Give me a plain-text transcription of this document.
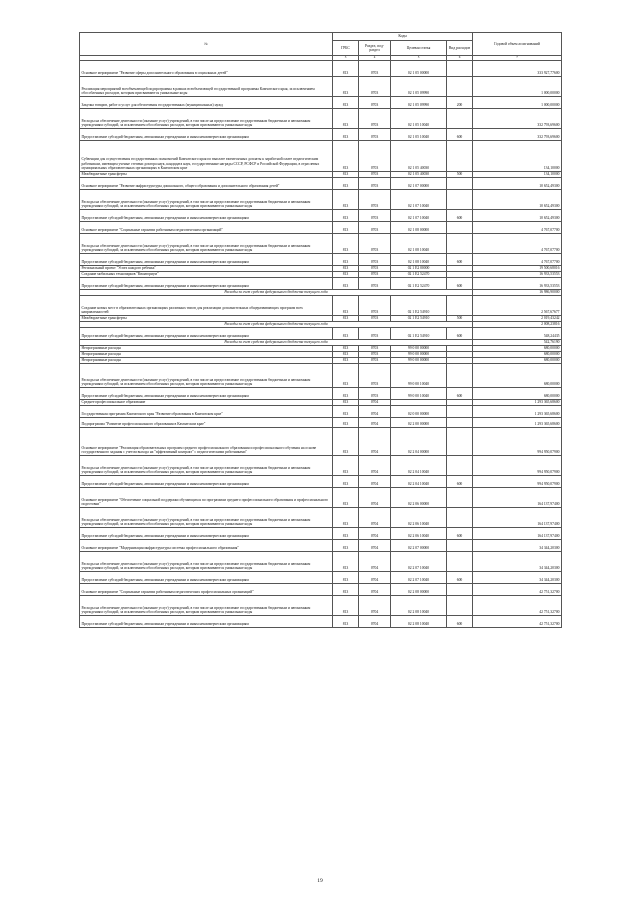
№	Коды				Годовой объем ассигнований
	ГРБС	Раздел, под-раздел	Целевая статья	Вид расходов	
	3	4	5	6	7
Основное мероприятие "Развитие сферы дополнительного образования в социальных детей"	813	0703	02 1 05 00000		333 927,77600
Реализация мероприятий всеобъемлющей подпрограммы в рамках всеобъемлющей государственной программы Камчатского края, за исключением обособленных расходов, которым присваиваются уникальные коды	813	0703	02 1 05 09990		1 000,00000
Закупка товаров, работ и услуг для обеспечения государственных (муниципальных) нужд	813	0703	02 1 05 09990	200	1 000,00000
Расходы на обеспечение деятельности (оказание услуг) учреждений, в том числе на предоставление государственным бюджетным и автономным учреждениям субсидий, за исключением обособленных расходов, которым присваиваются уникальные коды	813	0703	02 1 05 10040		332 793,69600
Предоставление субсидий бюджетным, автономным учреждениям и иным некоммерческим организациям	813	0703	02 1 05 10040	600	332 793,69600
Субвенции для осуществления государственных полномочий Камчатского края по выплате ежемесячных доплаты к заработной плате педагогическим работникам, имеющим ученые степени доктора наук, кандидата наук, государственные награды СССР, РСФСР и Российской Федерации, в отраслевых муниципальных образовательных организациях в Камчатском крае	813	0703	02 1 05 40030		134,10000
Межбюджетные трансферты	813	0703	02 1 05 40030	500	134,10000
Основное мероприятие "Развитие инфраструктуры дошкольного, общего образования и дополнительного образования детей"	813	0703	02 1 07 00000		10 652,49300
Расходы на обеспечение деятельности (оказание услуг) учреждений, в том числе на предоставление государственным бюджетным и автономным учреждениям субсидий, за исключением обособленных расходов, которым присваиваются уникальные коды	813	0703	02 1 07 10040		10 652,49300
Предоставление субсидий бюджетным, автономным учреждениям и иным некоммерческим организациям	813	0703	02 1 07 10040	600	10 652,49300
Основное мероприятие "Социальные гарантии работникам педагогическим организаций"	813	0703	02 1 08 00000		4 767,07700
Расходы на обеспечение деятельности (оказание услуг) учреждений, в том числе на предоставление государственным бюджетным и автономным учреждениям субсидий, за исключением обособленных расходов, которым присваиваются уникальные коды	813	0703	02 1 08 10040		4 767,07700
Предоставление субсидий бюджетным, автономным учреждениям и иным некоммерческим организациям	813	0703	02 1 08 10040	600	4 767,07700
Региональный проект "Успех каждого ребенка"	813	0703	02 1 E2 00000		19 500,68016
Создание мобильных технопарков "Кванториум"	813	0703	02 1 E2 52470		16 933,53553
Предоставление субсидий бюджетным, автономным учреждениям и иным некоммерческим организациям	813	0703	02 1 E2 52470	600	16 933,53553
Расходы за счет средств федерального бюджета текущего года					16 986,90000
Создание новых мест в образовательных организациях различных типов для реализации дополнительных общеразвивающих программ всех направленностей	813	0703	02 1 E2 54910		2 567,67677
Межбюджетные трансферты	813	0703	02 1 E2 54910	500	2 019,43242
Расходы за счет средств федерального бюджета текущего года					2 008,23816
Предоставление субсидий бюджетным, автономным учреждениям и иным некоммерческим организациям	813	0703	02 1 E2 54910	600	548,24435
Расходы за счет средств федерального бюджета текущего года					542,76190
Непрограммные расходы	813	0703	99 0 00 00000		680,00000
Непрограммные расходы	813	0703	99 0 00 00000		680,00000
Непрограммные расходы	813	0703	99 0 00 00000		680,00000
Расходы на обеспечение деятельности (оказание услуг) учреждений, в том числе на предоставление государственным бюджетным и автономным учреждениям субсидий, за исключением обособленных расходов, которым присваиваются уникальные коды	813	0703	99 0 00 10040		680,00000
Предоставление субсидий бюджетным, автономным учреждениям и иным некоммерческим организациям	813	0703	99 0 00 10040	600	680,00000
Среднее профессиональное образование	813	0704			1 293 365,68600
Государственная программа Камчатского края "Развитие образования в Камчатском крае"	813	0704	02 0 00 00000		1 293 365,68600
Подпрограмма "Развитие профессионального образования в Камчатском крае"	813	0704	02 2 00 00000		1 293 365,68600
Основное мероприятие "Реализация образовательных программ среднего профессионального образования и профессионального обучения на основе государственного задания с учетом выхода на "эффективный контракт" с педагогическими работниками"	813	0704	02 2 04 00000		994 950,07900
Расходы на обеспечение деятельности (оказание услуг) учреждений, в том числе на предоставление государственным бюджетным и автономным учреждениям субсидий, за исключением обособленных расходов, которым присваиваются уникальные коды	813	0704	02 2 04 10040		994 950,07900
Предоставление субсидий бюджетным, автономным учреждениям и иным некоммерческим организациям	813	0704	02 2 04 10040	600	994 950,07900
Основное мероприятие "Обеспечение социальной поддержки обучающихся по программам среднего профессионального образования и профессионального подготовки"	813	0704	02 2 06 00000		164 137,97400
Расходы на обеспечение деятельности (оказание услуг) учреждений, в том числе на предоставление государственным бюджетным и автономным учреждениям субсидий, за исключением обособленных расходов, которым присваиваются уникальные коды	813	0704	02 2 06 10040		164 137,97400
Предоставление субсидий бюджетным, автономным учреждениям и иным некоммерческим организациям	813	0704	02 2 06 10040	600	164 137,97400
Основное мероприятие "Модернизация инфраструктуры системы профессионального образования"	813	0704	02 2 07 00000		34 344,20300
Расходы на обеспечение деятельности (оказание услуг) учреждений, в том числе на предоставление государственным бюджетным и автономным учреждениям субсидий, за исключением обособленных расходов, которым присваиваются уникальные коды	813	0704	02 2 07 10040		34 344,20300
Предоставление субсидий бюджетным, автономным учреждениям и иным некоммерческим организациям	813	0704	02 2 07 10040	600	34 344,20300
Основное мероприятие "Социальные гарантии работникам педагогических профессиональных организаций"	813	0704	02 2 08 00000		42 751,32700
Расходы на обеспечение деятельности (оказание услуг) учреждений, в том числе на предоставление государственным бюджетным и автономным учреждениям субсидий, за исключением обособленных расходов, которым присваиваются уникальные коды	813	0704	02 2 08 10040		42 751,32700
Предоставление субсидий бюджетным, автономным учреждениям и иным некоммерческим организациям	813	0704	02 2 08 10040	600	42 751,32700
19
